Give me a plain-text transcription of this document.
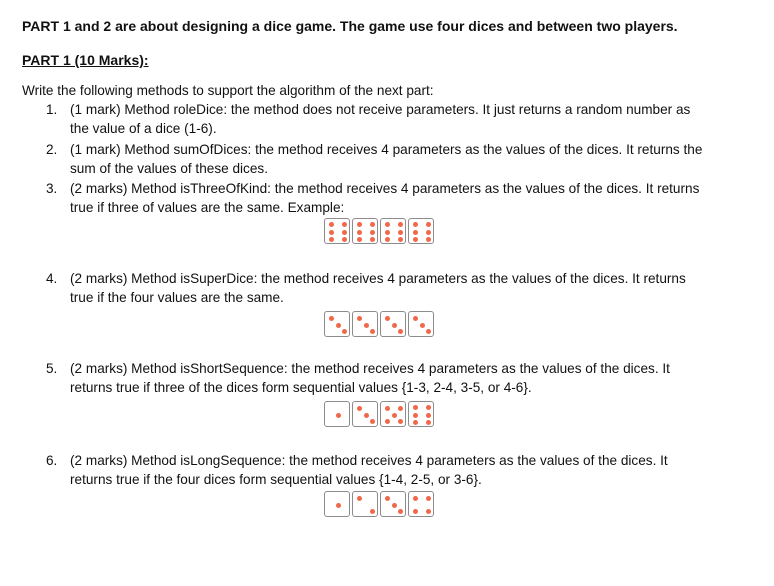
PART 1 and 2 are about designing a dice game. The game use four dices and between two players.
PART 1 (10 Marks):
Write the following methods to support the algorithm of the next part:
1. (1 mark) Method roleDice: the method does not receive parameters. It just returns a random number as
the value of a dice (1-6).
2. (1 mark) Method sumOfDices: the method receives 4 parameters as the values of the dices. It returns the
sum of the values of these dices.
3. (2 marks) Method isThreeOfKind: the method receives 4 parameters as the values of the dices. It returns
true if three of values are the same. Example:
4. (2 marks) Method isSuperDice: the method receives 4 parameters as the values of the dices. It returns
true if the four values are the same.
5. (2 marks) Method isShortSequence: the method receives 4 parameters as the values of the dices. It
returns true if three of the dices form sequential values {1-3, 2-4, 3-5, or 4-6}.
6. (2 marks) Method isLongSequence: the method receives 4 parameters as the values of the dices. It
returns true if the four dices form sequential values {1-4, 2-5, or 3-6}.
